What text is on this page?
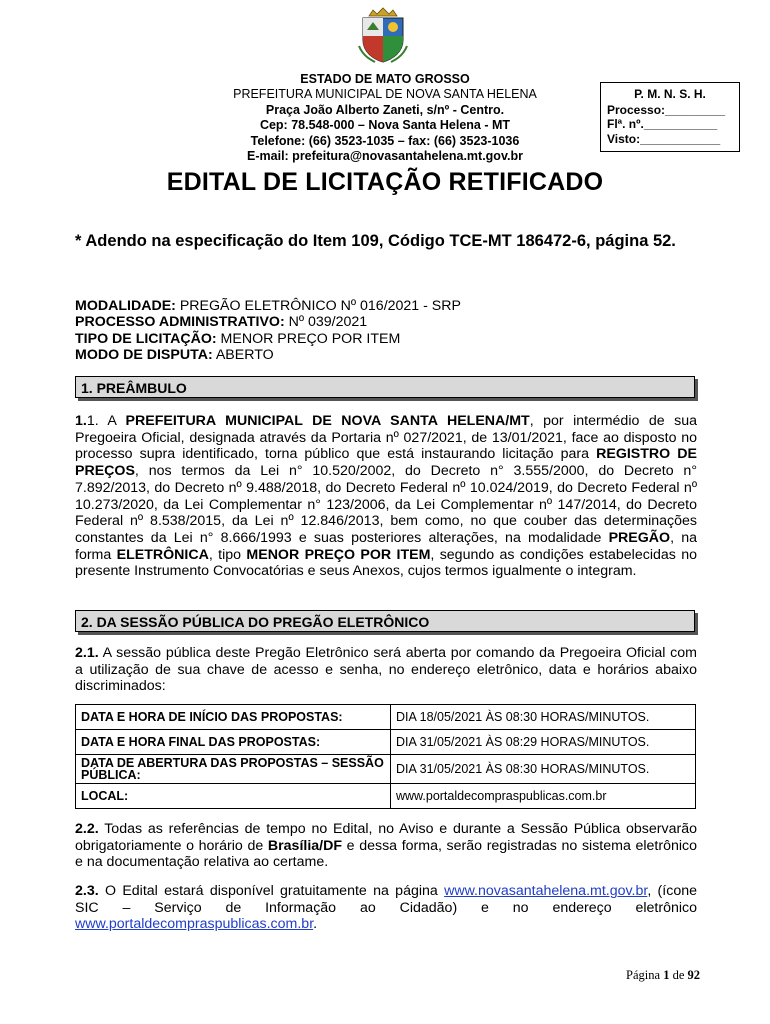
ESTADO DE MATO GROSSO
PREFEITURA MUNICIPAL DE NOVA SANTA HELENA
Praça João Alberto Zaneti, s/nº - Centro.
Cep: 78.548-000 – Nova Santa Helena - MT
Telefone: (66) 3523-1035 – fax: (66) 3523-1036
E-mail: prefeitura@novasantahelena.mt.gov.br
P. M. N. S. H.
Processo:_________
Flª. nº.___________
Visto:____________
EDITAL DE LICITAÇÃO RETIFICADO
* Adendo na especificação do Item 109, Código TCE-MT 186472-6, página 52.
MODALIDADE: PREGÃO ELETRÔNICO Nº 016/2021 - SRP
PROCESSO ADMINISTRATIVO: Nº 039/2021
TIPO DE LICITAÇÃO: MENOR PREÇO POR ITEM
MODO DE DISPUTA: ABERTO
1. PREÂMBULO
1.1. A PREFEITURA MUNICIPAL DE NOVA SANTA HELENA/MT, por intermédio de sua Pregoeira Oficial, designada através da Portaria nº 027/2021, de 13/01/2021, face ao disposto no processo supra identificado, torna público que está instaurando licitação para REGISTRO DE PREÇOS, nos termos da Lei n° 10.520/2002, do Decreto n° 3.555/2000, do Decreto n° 7.892/2013, do Decreto nº 9.488/2018, do Decreto Federal nº 10.024/2019, do Decreto Federal nº 10.273/2020, da Lei Complementar n° 123/2006, da Lei Complementar nº 147/2014, do Decreto Federal nº 8.538/2015, da Lei nº 12.846/2013, bem como, no que couber das determinações constantes da Lei n° 8.666/1993 e suas posteriores alterações, na modalidade PREGÃO, na forma ELETRÔNICA, tipo MENOR PREÇO POR ITEM, segundo as condições estabelecidas no presente Instrumento Convocatórias e seus Anexos, cujos termos igualmente o integram.
2. DA SESSÃO PÚBLICA DO PREGÃO ELETRÔNICO
2.1. A sessão pública deste Pregão Eletrônico será aberta por comando da Pregoeira Oficial com a utilização de sua chave de acesso e senha, no endereço eletrônico, data e horários abaixo discriminados:
DATA E HORA DE INÍCIO DAS PROPOSTAS:	DIA 18/05/2021 ÀS 08:30 HORAS/MINUTOS.
DATA E HORA FINAL DAS PROPOSTAS:	DIA 31/05/2021 ÀS 08:29 HORAS/MINUTOS.
DATA DE ABERTURA DAS PROPOSTAS – SESSÃO PÚBLICA:	DIA 31/05/2021 ÀS 08:30 HORAS/MINUTOS.
LOCAL:	www.portaldecompraspublicas.com.br
2.2. Todas as referências de tempo no Edital, no Aviso e durante a Sessão Pública observarão obrigatoriamente o horário de Brasília/DF e dessa forma, serão registradas no sistema eletrônico e na documentação relativa ao certame.
2.3. O Edital estará disponível gratuitamente na página www.novasantahelena.mt.gov.br, (ícone SIC – Serviço de Informação ao Cidadão) e no endereço eletrônico www.portaldecompraspublicas.com.br.
Página 1 de 92
